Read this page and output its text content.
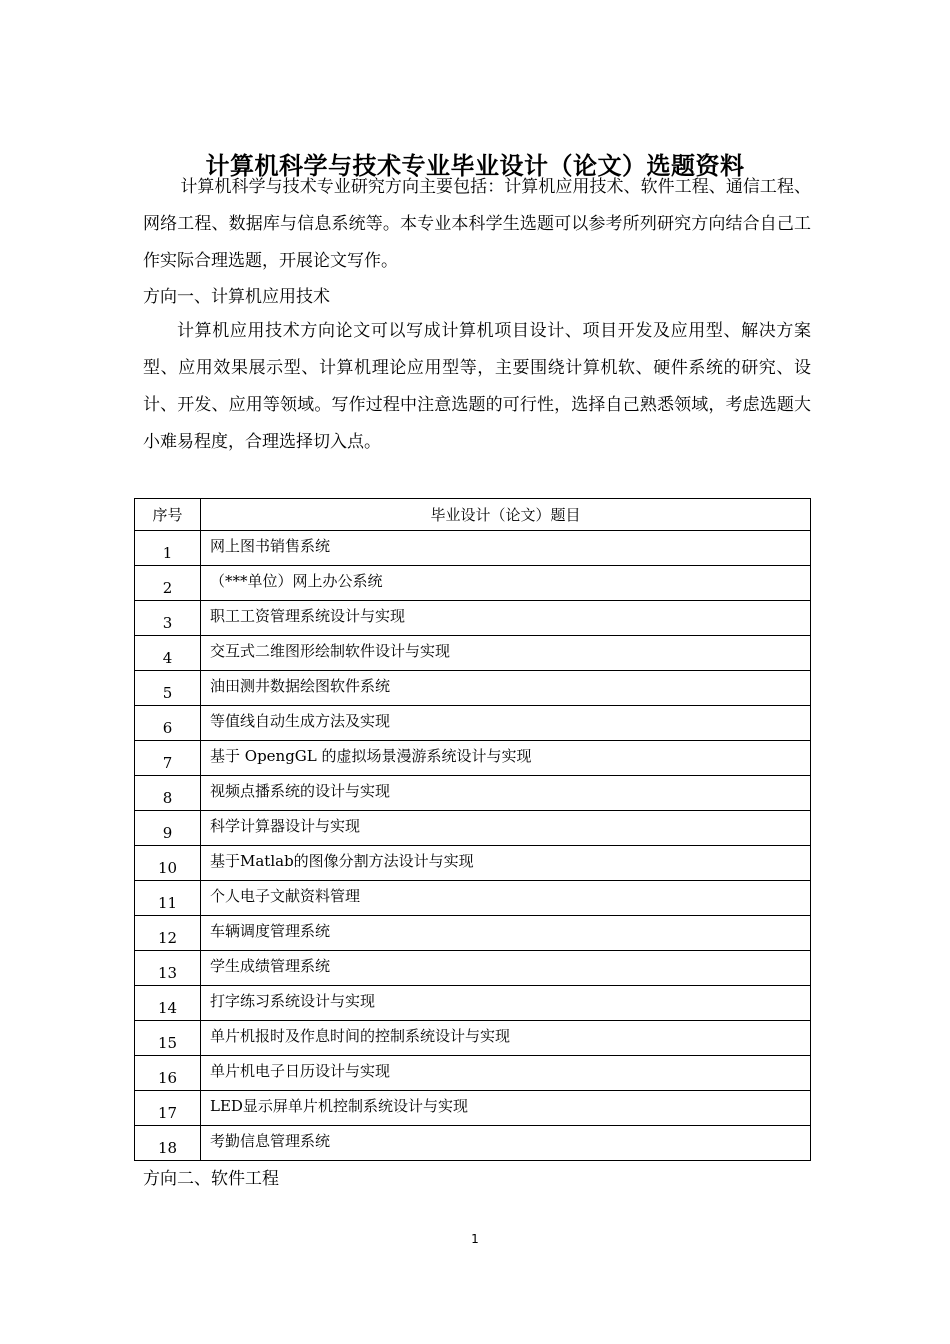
计算机科学与技术专业毕业设计（论文）选题资料

计算机科学与技术专业研究方向主要包括：计算机应用技术、软件工程、通信工程、网络工程、数据库与信息系统等。本专业本科学生选题可以参考所列研究方向结合自己工作实际合理选题，开展论文写作。

方向一、计算机应用技术

计算机应用技术方向论文可以写成计算机项目设计、项目开发及应用型、解决方案型、应用效果展示型、计算机理论应用型等，主要围绕计算机软、硬件系统的研究、设计、开发、应用等领域。写作过程中注意选题的可行性，选择自己熟悉领域，考虑选题大小难易程度，合理选择切入点。

序号	毕业设计（论文）题目
1	网上图书销售系统
2	（***单位）网上办公系统
3	职工工资管理系统设计与实现
4	交互式二维图形绘制软件设计与实现
5	油田测井数据绘图软件系统
6	等值线自动生成方法及实现
7	基于 OpengGL 的虚拟场景漫游系统设计与实现
8	视频点播系统的设计与实现
9	科学计算器设计与实现
10	基于Matlab的图像分割方法设计与实现
11	个人电子文献资料管理
12	车辆调度管理系统
13	学生成绩管理系统
14	打字练习系统设计与实现
15	单片机报时及作息时间的控制系统设计与实现
16	单片机电子日历设计与实现
17	LED显示屏单片机控制系统设计与实现
18	考勤信息管理系统
方向二、软件工程
1
